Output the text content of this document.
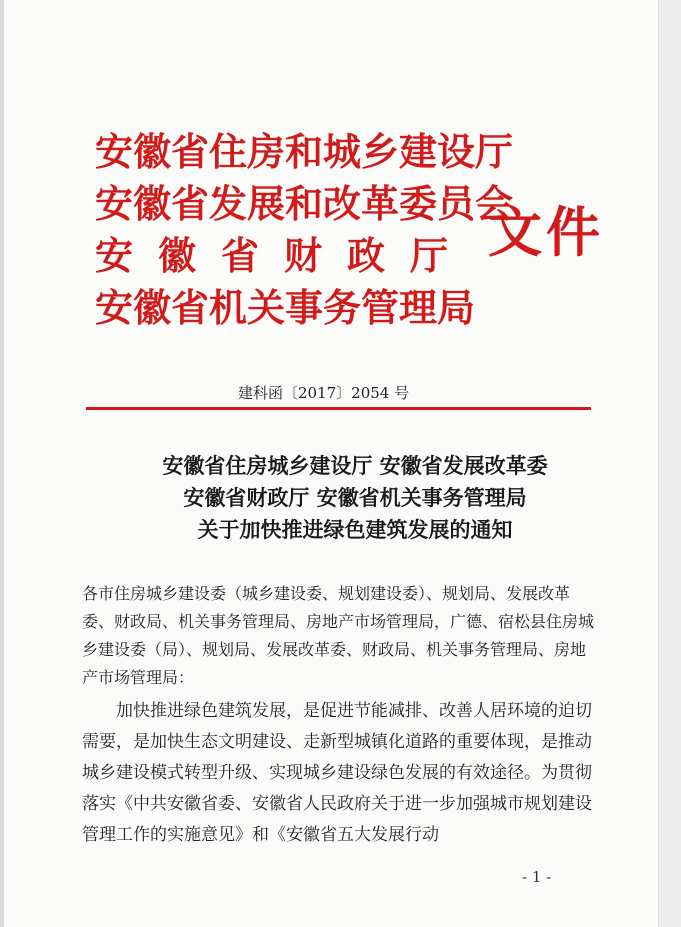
安徽省住房和城乡建设厅
安徽省发展和改革委员会
安徽省财政厅
安徽省机关事务管理局
文件
建科函〔2017〕2054 号
安徽省住房城乡建设厅 安徽省发展改革委
安徽省财政厅 安徽省机关事务管理局
关于加快推进绿色建筑发展的通知

各市住房城乡建设委（城乡建设委、规划建设委）、规划局、发展改革委、财政局、机关事务管理局、房地产市场管理局，广德、宿松县住房城乡建设委（局）、规划局、发展改革委、财政局、机关事务管理局、房地产市场管理局：

加快推进绿色建筑发展，是促进节能减排、改善人居环境的迫切需要，是加快生态文明建设、走新型城镇化道路的重要体现，是推动城乡建设模式转型升级、实现城乡建设绿色发展的有效途径。为贯彻落实《中共安徽省委、安徽省人民政府关于进一步加强城市规划建设管理工作的实施意见》和《安徽省五大发展行动

- 1 -
